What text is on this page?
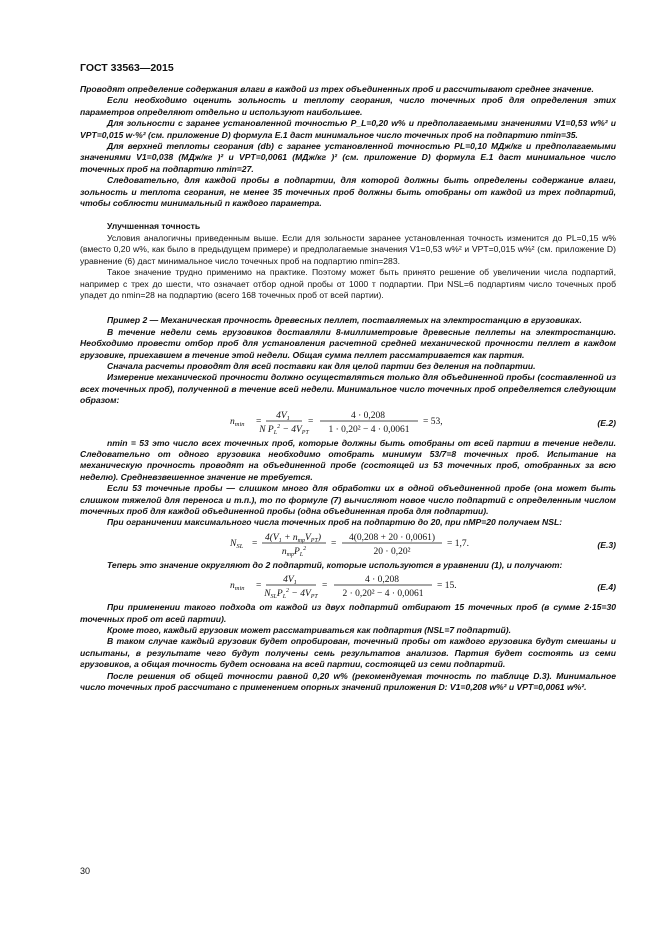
ГОСТ 33563—2015

Проводят определение содержания влаги в каждой из трех объединенных проб и рассчитывают среднее значение.

Если необходимо оценить зольность и теплоту сгорания, число точечных проб для определения этих параметров определяют отдельно и используют наибольшее.

Для зольности с заранее установленной точностью P_L=0,20 w% и предполагаемыми значениями V1=0,53 w%² и VPT=0,015 w·%² (см. приложение D) формула Е.1 даст минимальное число точечных проб на подпартию nmin=35.

Для верхней теплоты сгорания (db) с заранее установленной точностью PL=0,10 МДж/кг и предполагаемыми значениями V1=0,038 (МДж/кг )² и VPT=0,0061 (МДж/кг )² (см. приложение D) формула Е.1 даст минимальное число точечных проб на подпартию nmin=27.

Следовательно, для каждой пробы в подпартии, для которой должны быть определены содержание влаги, зольность и теплота сгорания, не менее 35 точечных проб должны быть отобраны от каждой из трех подпартий, чтобы соблюсти минимальный n каждого параметра.

Улучшенная точность

Условия аналогичны приведенным выше. Если для зольности заранее установленная точность изменится до PL=0,15 w% (вместо 0,20 w%, как было в предыдущем примере) и предполагаемые значения V1=0,53 w%² и VPT=0,015 w%² (см. приложение D) уравнение (6) даст минимальное число точечных проб на подпартию nmin=283.

Такое значение трудно применимо на практике. Поэтому может быть принято решение об увеличении числа подпартий, например с трех до шести, что означает отбор одной пробы от 1000 т подпартии. При NSL=6 подпартиям число точечных проб упадет до nmin=28 на подпартию (всего 168 точечных проб от всей партии).

Пример 2 — Механическая прочность древесных пеллет, поставляемых на электростанцию в грузовиках.

В течение недели семь грузовиков доставляли 8-миллиметровые древесные пеллеты на электростанцию. Необходимо провести отбор проб для установления расчетной средней механической прочности пеллет в каждом грузовике, приехавшем в течение этой недели. Общая сумма пеллет рассматривается как партия.

Сначала расчеты проводят для всей поставки как для целой партии без деления на подпартии.

Измерение механической прочности должно осуществляться только для объединенной пробы (составленной из всех точечных проб), полученной в течение всей недели. Минимальное число точечных проб определяется следующим образом:

$n_{min}$ =
$4V_1$
N $P_L^2 - 4V_{PT}$
=
4 · 0,208
1 · 0,20² − 4 · 0,0061
= 53,	(Е.2)

nmin = 53 это число всех точечных проб, которые должны быть отобраны от всей партии в течение недели. Следовательно от одного грузовика необходимо отобрать минимум 53/7=8 точечных проб. Испытание на механическую прочность проводят на объединенной пробе (состоящей из 53 точечных проб, отобранных за всю неделю). Средневзвешенное значение не требуется.

Если 53 точечные пробы — слишком много для обработки их в одной объединенной пробе (она может быть слишком тяжелой для переноса и т.п.), то по формуле (7) вычисляют новое число подпартий с определенным числом точечных проб для каждой объединенной пробы (одна объединенная проба для подпартии).

При ограничении максимального числа точечных проб на подпартию до 20, при nMP=20 получаем NSL:

$N_{SL}$ =
$4(V_1 + n_{mp}V_{PT})$
$n_{mp}P_L^2$	=
4(0,208 + 20 · 0,0061)
20 · 0,20²
= 1,7.	(Е.3)

Теперь это значение округляют до 2 подпартий, которые используются в уравнении (1), и получают:

$n_{min}$ =
$4V_1$
$N_{SL}P_L^2 - 4V_{PT}$
=
4 · 0,208
2 · 0,20² − 4 · 0,0061
= 15.	(Е.4)

При применении такого подхода от каждой из двух подпартий отбирают 15 точечных проб (в сумме 2·15=30 точечных проб от всей партии).

Кроме того, каждый грузовик может рассматриваться как подпартия (NSL=7 подпартий).

В таком случае каждый грузовик будет опробирован, точечный пробы от каждого грузовика будут смешаны и испытаны, в результате чего будут получены семь результатов анализов. Партия будет состоять из семи грузовиков, а общая точность будет основана на всей партии, состоящей из семи подпартий.

После решения об общей точности равной 0,20 w% (рекомендуемая точность по таблице D.3). Минимальное число точечных проб рассчитано с применением опорных значений приложения D: V1=0,208 w%² и VPT=0,0061 w%².

30
